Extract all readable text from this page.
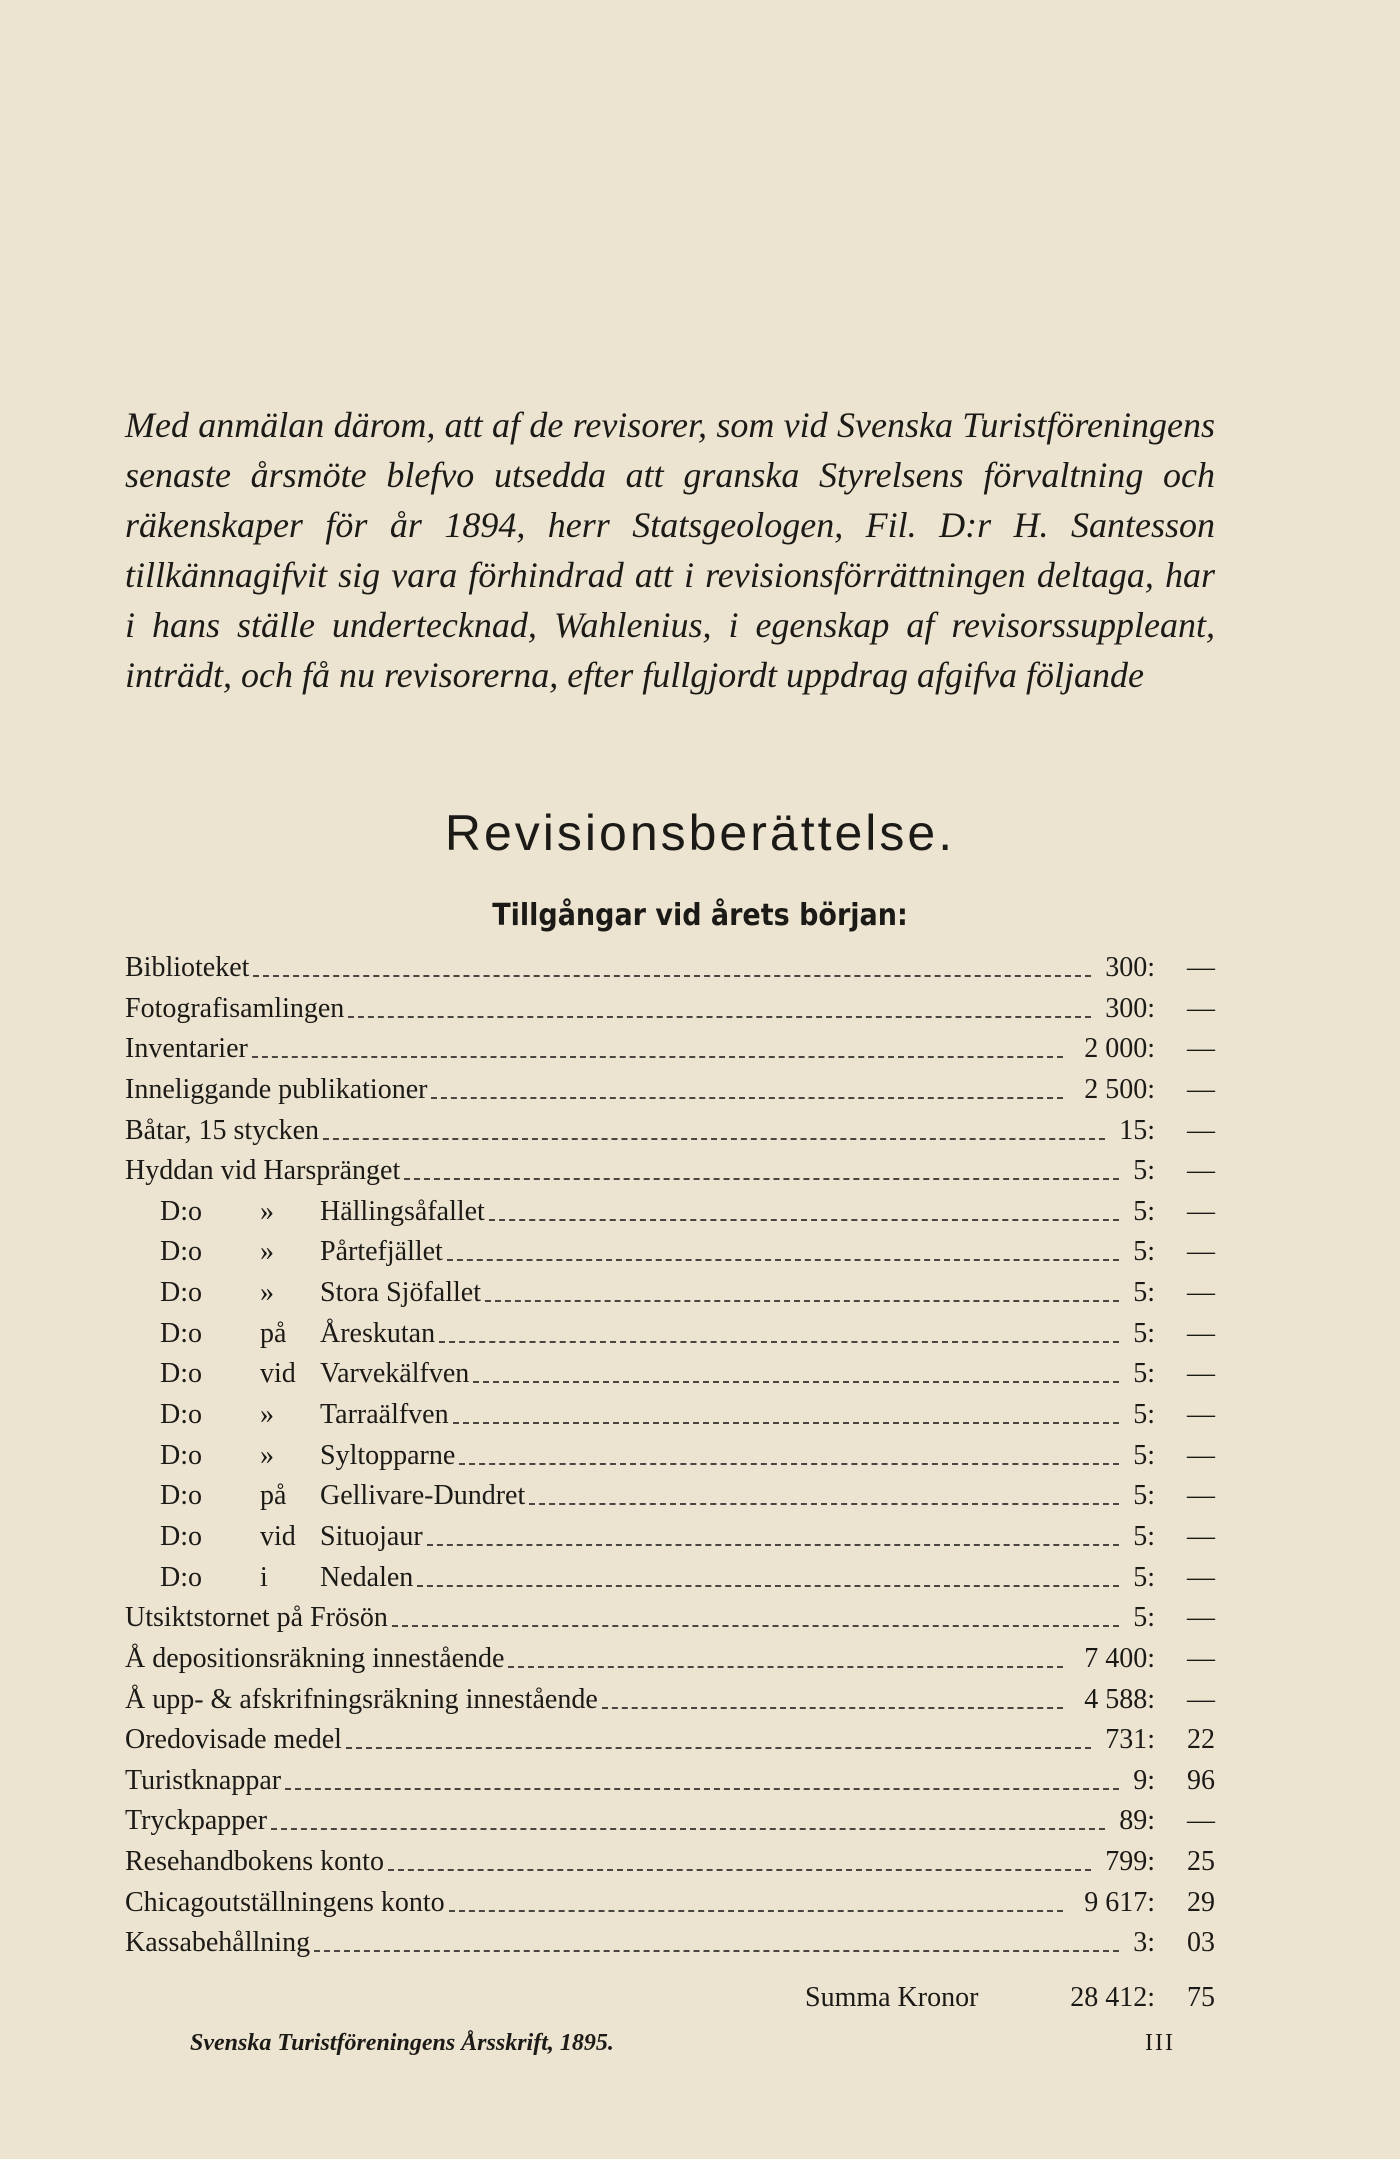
Med anmälan därom, att af de revisorer, som vid Svenska Turistföreningens senaste årsmöte blefvo utsedda att granska Styrelsens förvaltning och räkenskaper för år 1894, herr Statsgeologen, Fil. D:r H. Santesson tillkännagifvit sig vara förhindrad att i revisionsförrättningen deltaga, har i hans ställe undertecknad, Wahlenius, i egenskap af revisorssuppleant, inträdt, och få nu revisorerna, efter fullgjordt uppdrag afgifva följande

Revisionsberättelse.
Tillgångar vid årets början:
Biblioteket	300:	—
Fotografisamlingen	300:	—
Inventarier	2 000:	—
Inneliggande publikationer	2 500:	—
Båtar, 15 stycken	15:	—
Hyddan vid Harspränget	5:	—
D:o	»	Hällingsåfallet	5:	—
D:o	»	Pårtefjället	5:	—
D:o	»	Stora Sjöfallet	5:	—
D:o	på	Åreskutan	5:	—
D:o	vid Varvekälfven	5:	—
D:o	»	Tarraälfven	5:	—
D:o	»	Syltopparne	5:	—
D:o	på	Gellivare-Dundret	5:	—
D:o	vid Situojaur	5:	—
D:o	i	Nedalen	5:	—
Utsiktstornet på Frösön	5:	—
Å depositionsräkning innestående	7 400:	—
Å upp- & afskrifningsräkning innestående	4 588:	—
Oredovisade medel	731:	22
Turistknappar	9:	96
Tryckpapper	89:	—
Resehandbokens konto	799:	25
Chicagoutställningens konto	9 617:	29
Kassabehållning	3:	03
Summa Kronor	28 412:	75
Svenska Turistföreningens Årsskrift, 1895.	III
